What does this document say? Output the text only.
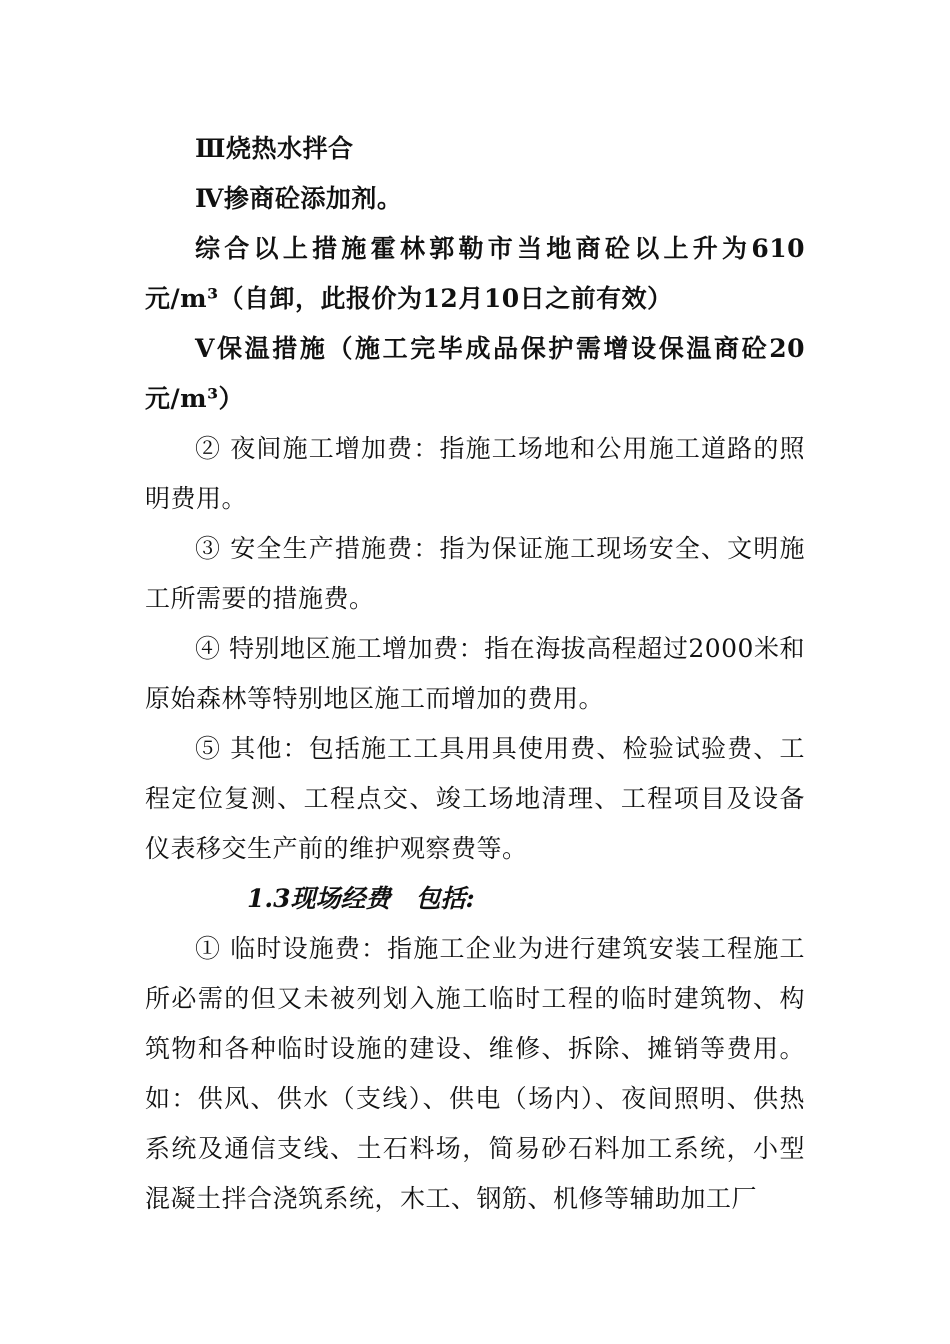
Ⅲ烧热水拌合

Ⅳ掺商砼添加剂。

综合以上措施霍林郭勒市当地商砼以上升为610元/m³（自卸，此报价为12月10日之前有效）

Ⅴ保温措施（施工完毕成品保护需增设保温商砼20元/m³）

② 夜间施工增加费：指施工场地和公用施工道路的照明费用。

③ 安全生产措施费：指为保证施工现场安全、文明施工所需要的措施费。

④ 特别地区施工增加费：指在海拔高程超过2000米和原始森林等特别地区施工而增加的费用。

⑤ 其他：包括施工工具用具使用费、检验试验费、工程定位复测、工程点交、竣工场地清理、工程项目及设备仪表移交生产前的维护观察费等。

1.3现场经费　包括:

① 临时设施费：指施工企业为进行建筑安装工程施工所必需的但又未被列划入施工临时工程的临时建筑物、构筑物和各种临时设施的建设、维修、拆除、摊销等费用。如：供风、供水（支线）、供电（场内）、夜间照明、供热系统及通信支线、土石料场，简易砂石料加工系统，小型混凝土拌合浇筑系统，木工、钢筋、机修等辅助加工厂
